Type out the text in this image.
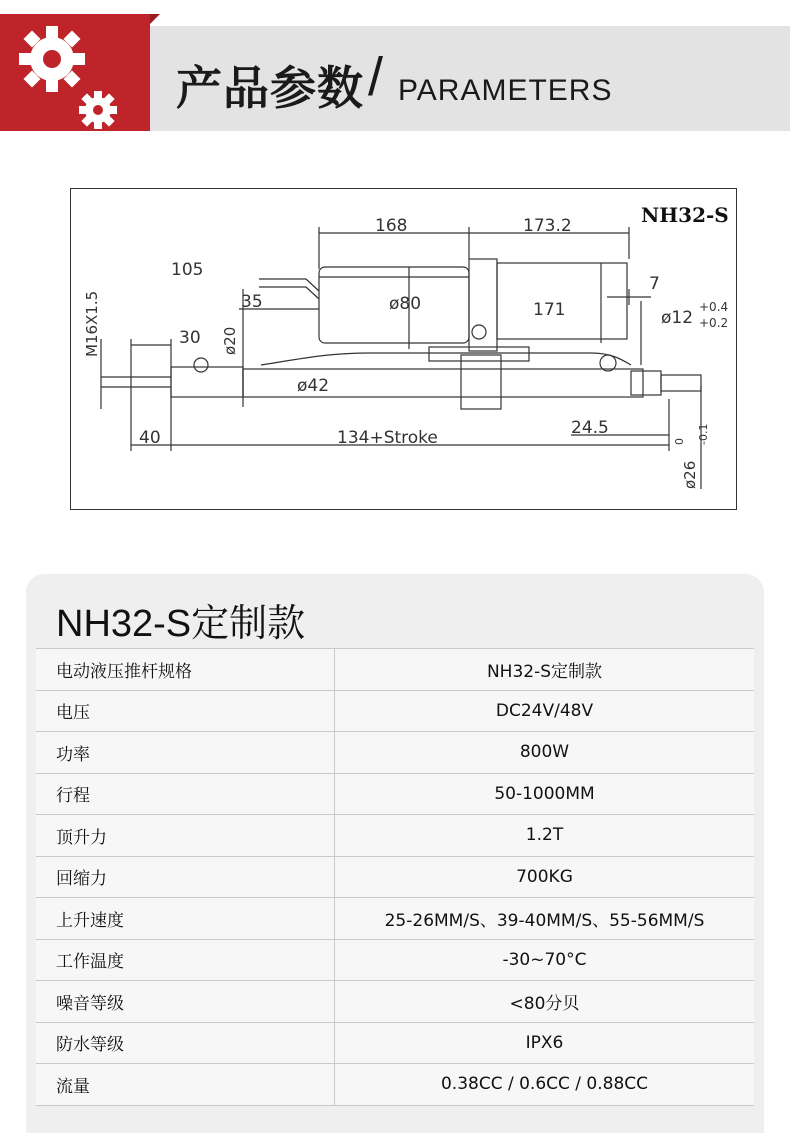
产品参数 / PARAMETERS
168	173.2
105
35	ø80	171
7
ø12
+0.4
+0.2
M16X1.5	30 ø20
ø42
40	134+Stroke	24.5
ø26
0 -0.1
NH32-S
NH32-S定制款
电动液压推杆规格	NH32-S定制款
电压	DC24V/48V
功率	800W
行程	50-1000MM
顶升力	1.2T
回缩力	700KG
上升速度	25-26MM/S、39-40MM/S、55-56MM/S
工作温度	-30~70°C
噪音等级	<80分贝
防水等级	IPX6
流量	0.38CC / 0.6CC / 0.88CC
